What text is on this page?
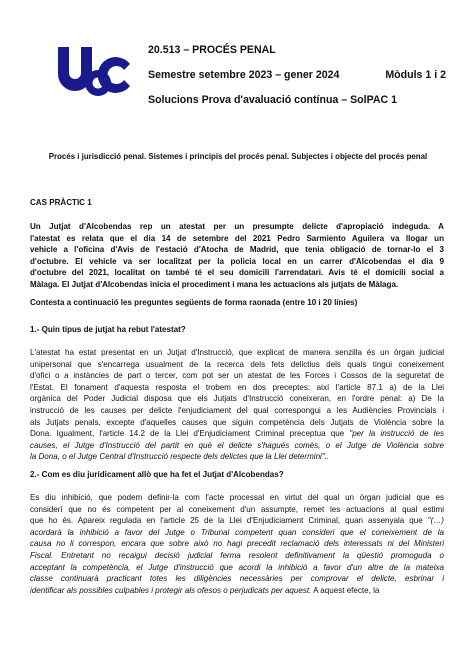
20.513 – PROCÉS PENAL
Semestre setembre 2023 – gener 2024	Mòduls 1 i 2
Solucions Prova d'avaluació contínua – SolPAC 1
Procés i jurisdicció penal. Sistemes i principis del procés penal. Subjectes i objecte del procés penal
CAS PRÀCTIC 1
Un Jutjat d'Alcobendas rep un atestat per un presumpte delicte d'apropiació indeguda. A
l'atestat es relata que el dia 14 de setembre del 2021 Pedro Sarmiento Aguilera va llogar un
vehicle a l'oficina d'Avis de l'estació d'Atocha de Madrid, que tenia obligació de tornar-lo el 3
d'octubre. El vehicle va ser localitzat per la policia local en un carrer d'Alcobendas el dia 9
d'octubre del 2021, localitat on també té el seu domicili l'arrendatari. Avis té el domicili social a
Màlaga. El Jutjat d'Alcobendas inicia el procediment i mana les actuacions als jutjats de Màlaga.
Contesta a continuació les preguntes següents de forma raonada (entre 10 i 20 línies)
1.- Quin tipus de jutjat ha rebut l'atestat?
L'atestat ha estat presentat en un Jutjat d'Instrucció, que explicat de manera senzilla és un òrgan judicial
unipersonal que s'encarrega usualment de la recerca dels fets delictius dels quals tingui coneixement
d'ofici o a instàncies de part o tercer, com pot ser un atestat de les Forces i Cossos de la seguretat de
l'Estat. El fonament d'aquesta resposta el trobem en dos preceptes: així l'article 87.1 a) de la Llei
orgànica del Poder Judicial disposa que els Jutjats d'Instrucció coneixeran, en l'ordre penal: a) De la
instrucció de les causes per delicte l'enjudiciament del qual correspongui a les Audiències Provincials i
als Jutjats penals, excepte d'aquelles causes que siguin competència dels Jutjats de Violència sobre la
Dona. Igualment, l'article 14.2 de la Llei d'Enjudiciament Criminal preceptua que "per la instrucció de les
causes, el Jutge d'Instrucció del partit en què el delicte s'hagués comès, o el Jutge de Violència sobre
la Dona, o el Jutge Central d'Instrucció respecte dels delictes que la Llei determini"..
2.- Com es diu jurídicament allò que ha fet el Jutjat d'Alcobendas?
Es diu inhibició, que podem definir-la com l'acte processal en virtut del qual un òrgan judicial que es
considerí que no és competent per al coneixement d'un assumpte, remet les actuacions al qual estimi
que ho és. Apareix regulada en l'article 25 de la Llei d'Enjudiciament Criminal, quan assenyala que "(…)
acordarà la inhibició a favor del Jutge o Tribunal competent quan consideri que el coneixement de la
causa no li correspon, encara que sobre això no hagi precedit reclamació dels interessats ni del Ministeri
Fiscal. Entretant no recaigui decisió judicial ferma resolent definitivament la qüestió promoguda o
acceptant la competència, el Jutge d'instrucció que acordi la inhibició a favor d'un altre de la mateixa
classe continuarà practicant totes les diligències necessàries per comprovar el delicte, esbrinar i
identificar als possibles culpables i protegir als ofesos o perjudicats per aquest. A aquest efecte, la
